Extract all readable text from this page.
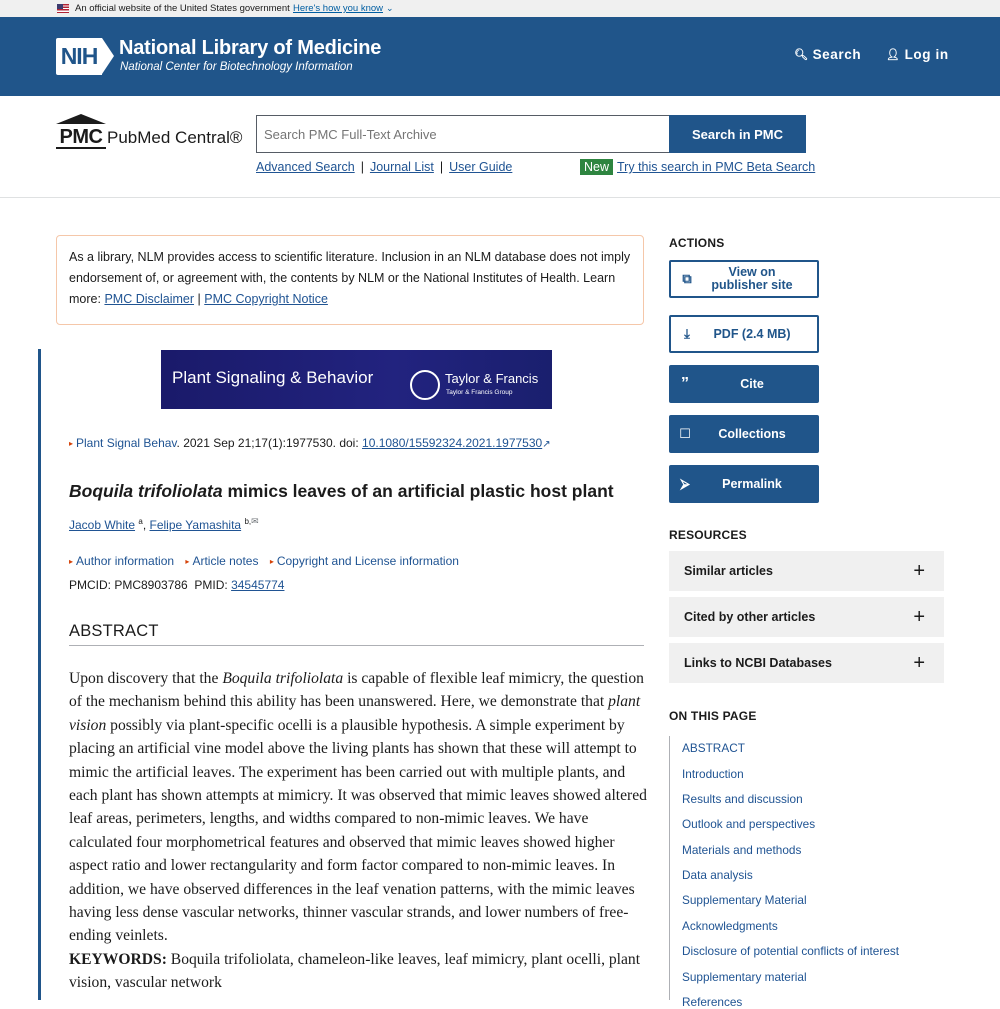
An official website of the United States government Here's how you know ⌄
NIH National Library of Medicine
National Center for Biotechnology Information
🔍︎ Search 👤︎ Log in
PMC PubMed Central®
Search PMC Full-Text Archive	Search in PMC
Advanced Search | Journal List | User Guide	New Try this search in PMC Beta Search
As a library, NLM provides access to scientific literature. Inclusion in an NLM database does not imply endorsement of, or agreement with, the contents by NLM or the National Institutes of Health. Learn more: PMC Disclaimer | PMC Copyright Notice
Plant Signaling & Behavior	Taylor & Francis
Taylor & Francis Group
▸ Plant Signal Behav. 2021 Sep 21;17(1):1977530. doi: 10.1080/15592324.2021.1977530↗
Boquila trifoliolata mimics leaves of an artificial plastic host plant
Jacob White $^a$, Felipe Yamashita $^{b,✉}$
▸ Author information ▸ Article notes ▸ Copyright and License information
PMCID: PMC8903786 PMID: 34545774
ABSTRACT
Upon discovery that the Boquila trifoliolata is capable of flexible leaf mimicry, the question of the mechanism behind this ability has been unanswered. Here, we demonstrate that plant vision possibly via plant-specific ocelli is a plausible hypothesis. A simple experiment by placing an artificial vine model above the living plants has shown that these will attempt to mimic the artificial leaves. The experiment has been carried out with multiple plants, and each plant has shown attempts at mimicry. It was observed that mimic leaves showed altered leaf areas, perimeters, lengths, and widths compared to non-mimic leaves. We have calculated four morphometrical features and observed that mimic leaves showed higher aspect ratio and lower rectangularity and form factor compared to non-mimic leaves. In addition, we have observed differences in the leaf venation patterns, with the mimic leaves having less dense vascular networks, thinner vascular strands, and lower numbers of free-ending veinlets.
KEYWORDS: Boquila trifoliolata, chameleon-like leaves, leaf mimicry, plant ocelli, plant vision, vascular network
ACTIONS
⧉	View on publisher site
⤓	PDF (2.4 MB)
”	Cite
☐	Collections
⮚	Permalink
RESOURCES
Similar articles	+
Cited by other articles	+
Links to NCBI Databases	+
ON THIS PAGE
ABSTRACT
Introduction
Results and discussion
Outlook and perspectives
Materials and methods
Data analysis
Supplementary Material
Acknowledgments
Disclosure of potential conflicts of interest
Supplementary material
References
